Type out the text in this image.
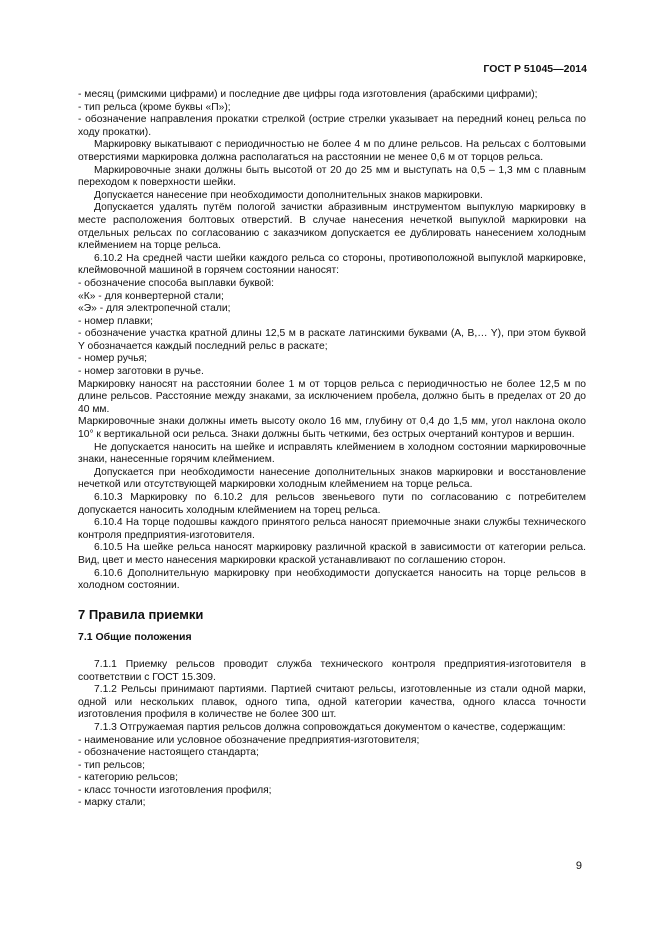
ГОСТ Р 51045—2014
- месяц (римскими цифрами) и последние две цифры года изготовления (арабскими цифрами);
- тип рельса (кроме буквы «П»);
- обозначение направления прокатки стрелкой (острие стрелки указывает на передний конец рельса по ходу прокатки).
Маркировку выкатывают с периодичностью не более 4 м по длине рельсов. На рельсах с болтовыми отверстиями маркировка должна располагаться на расстоянии не менее 0,6 м от торцов рельса.
Маркировочные знаки должны быть высотой от 20 до 25 мм и выступать на 0,5 – 1,3 мм с плавным переходом к поверхности шейки.
Допускается нанесение при необходимости дополнительных знаков маркировки.
Допускается удалять путём пологой зачистки абразивным инструментом выпуклую маркировку в месте расположения болтовых отверстий. В случае нанесения нечеткой выпуклой маркировки на отдельных рельсах по согласованию с заказчиком допускается ее дублировать нанесением холодным клеймением на торце рельса.
6.10.2 На средней части шейки каждого рельса со стороны, противоположной выпуклой маркировке, клеймовочной машиной в горячем состоянии наносят:
- обозначение способа выплавки буквой:
«К» - для конвертерной стали;
«Э» - для электропечной стали;
- номер плавки;
- обозначение участка кратной длины 12,5 м в раскате латинскими буквами (A, B,… Y), при этом буквой Y обозначается каждый последний рельс в раскате;
- номер ручья;
- номер заготовки в ручье.
Маркировку наносят на расстоянии более 1 м от торцов рельса с периодичностью не более 12,5 м по длине рельсов. Расстояние между знаками, за исключением пробела, должно быть в пределах от 20 до 40 мм.
Маркировочные знаки должны иметь высоту около 16 мм, глубину от 0,4 до 1,5 мм, угол наклона около 10° к вертикальной оси рельса. Знаки должны быть четкими, без острых очертаний контуров и вершин.
Не допускается наносить на шейке и исправлять клеймением в холодном состоянии маркировочные знаки, нанесенные горячим клеймением.
Допускается при необходимости нанесение дополнительных знаков маркировки и восстановление нечеткой или отсутствующей маркировки холодным клеймением на торце рельса.
6.10.3 Маркировку по 6.10.2 для рельсов звеньевого пути по согласованию с потребителем допускается наносить холодным клеймением на торец рельса.
6.10.4 На торце подошвы каждого принятого рельса наносят приемочные знаки службы технического контроля предприятия-изготовителя.
6.10.5 На шейке рельса наносят маркировку различной краской в зависимости от категории рельса. Вид, цвет и место нанесения маркировки краской устанавливают по соглашению сторон.
6.10.6 Дополнительную маркировку при необходимости допускается наносить на торце рельсов в холодном состоянии.
7 Правила приемки
7.1 Общие положения
7.1.1 Приемку рельсов проводит служба технического контроля предприятия-изготовителя в соответствии с ГОСТ 15.309.
7.1.2 Рельсы принимают партиями. Партией считают рельсы, изготовленные из стали одной марки, одной или нескольких плавок, одного типа, одной категории качества, одного класса точности изготовления профиля в количестве не более 300 шт.
7.1.3 Отгружаемая партия рельсов должна сопровождаться документом о качестве, содержащим:
- наименование или условное обозначение предприятия-изготовителя;
- обозначение настоящего стандарта;
- тип рельсов;
- категорию рельсов;
- класс точности изготовления профиля;
- марку стали;
9
